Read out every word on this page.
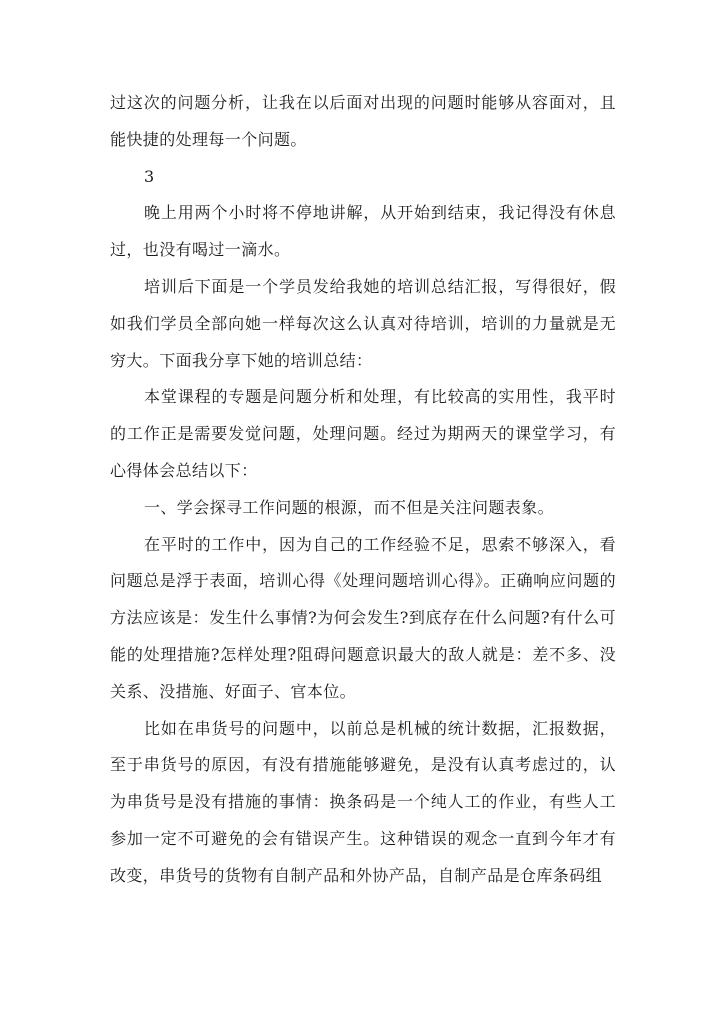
过这次的问题分析，让我在以后面对出现的问题时能够从容面对，且能快捷的处理每一个问题。

3

晚上用两个小时将不停地讲解，从开始到结束，我记得没有休息过，也没有喝过一滴水。

培训后下面是一个学员发给我她的培训总结汇报，写得很好，假如我们学员全部向她一样每次这么认真对待培训，培训的力量就是无穷大。下面我分享下她的培训总结：

本堂课程的专题是问题分析和处理，有比较高的实用性，我平时的工作正是需要发觉问题，处理问题。经过为期两天的课堂学习，有心得体会总结以下：

一、学会探寻工作问题的根源，而不但是关注问题表象。

在平时的工作中，因为自己的工作经验不足，思索不够深入，看问题总是浮于表面，培训心得《处理问题培训心得》。正确响应问题的方法应该是：发生什么事情?为何会发生?到底存在什么问题?有什么可能的处理措施?怎样处理?阻碍问题意识最大的敌人就是：差不多、没关系、没措施、好面子、官本位。

比如在串货号的问题中，以前总是机械的统计数据，汇报数据，至于串货号的原因，有没有措施能够避免，是没有认真考虑过的，认为串货号是没有措施的事情：换条码是一个纯人工的作业，有些人工参加一定不可避免的会有错误产生。这种错误的观念一直到今年才有改变，串货号的货物有自制产品和外协产品，自制产品是仓库条码组
